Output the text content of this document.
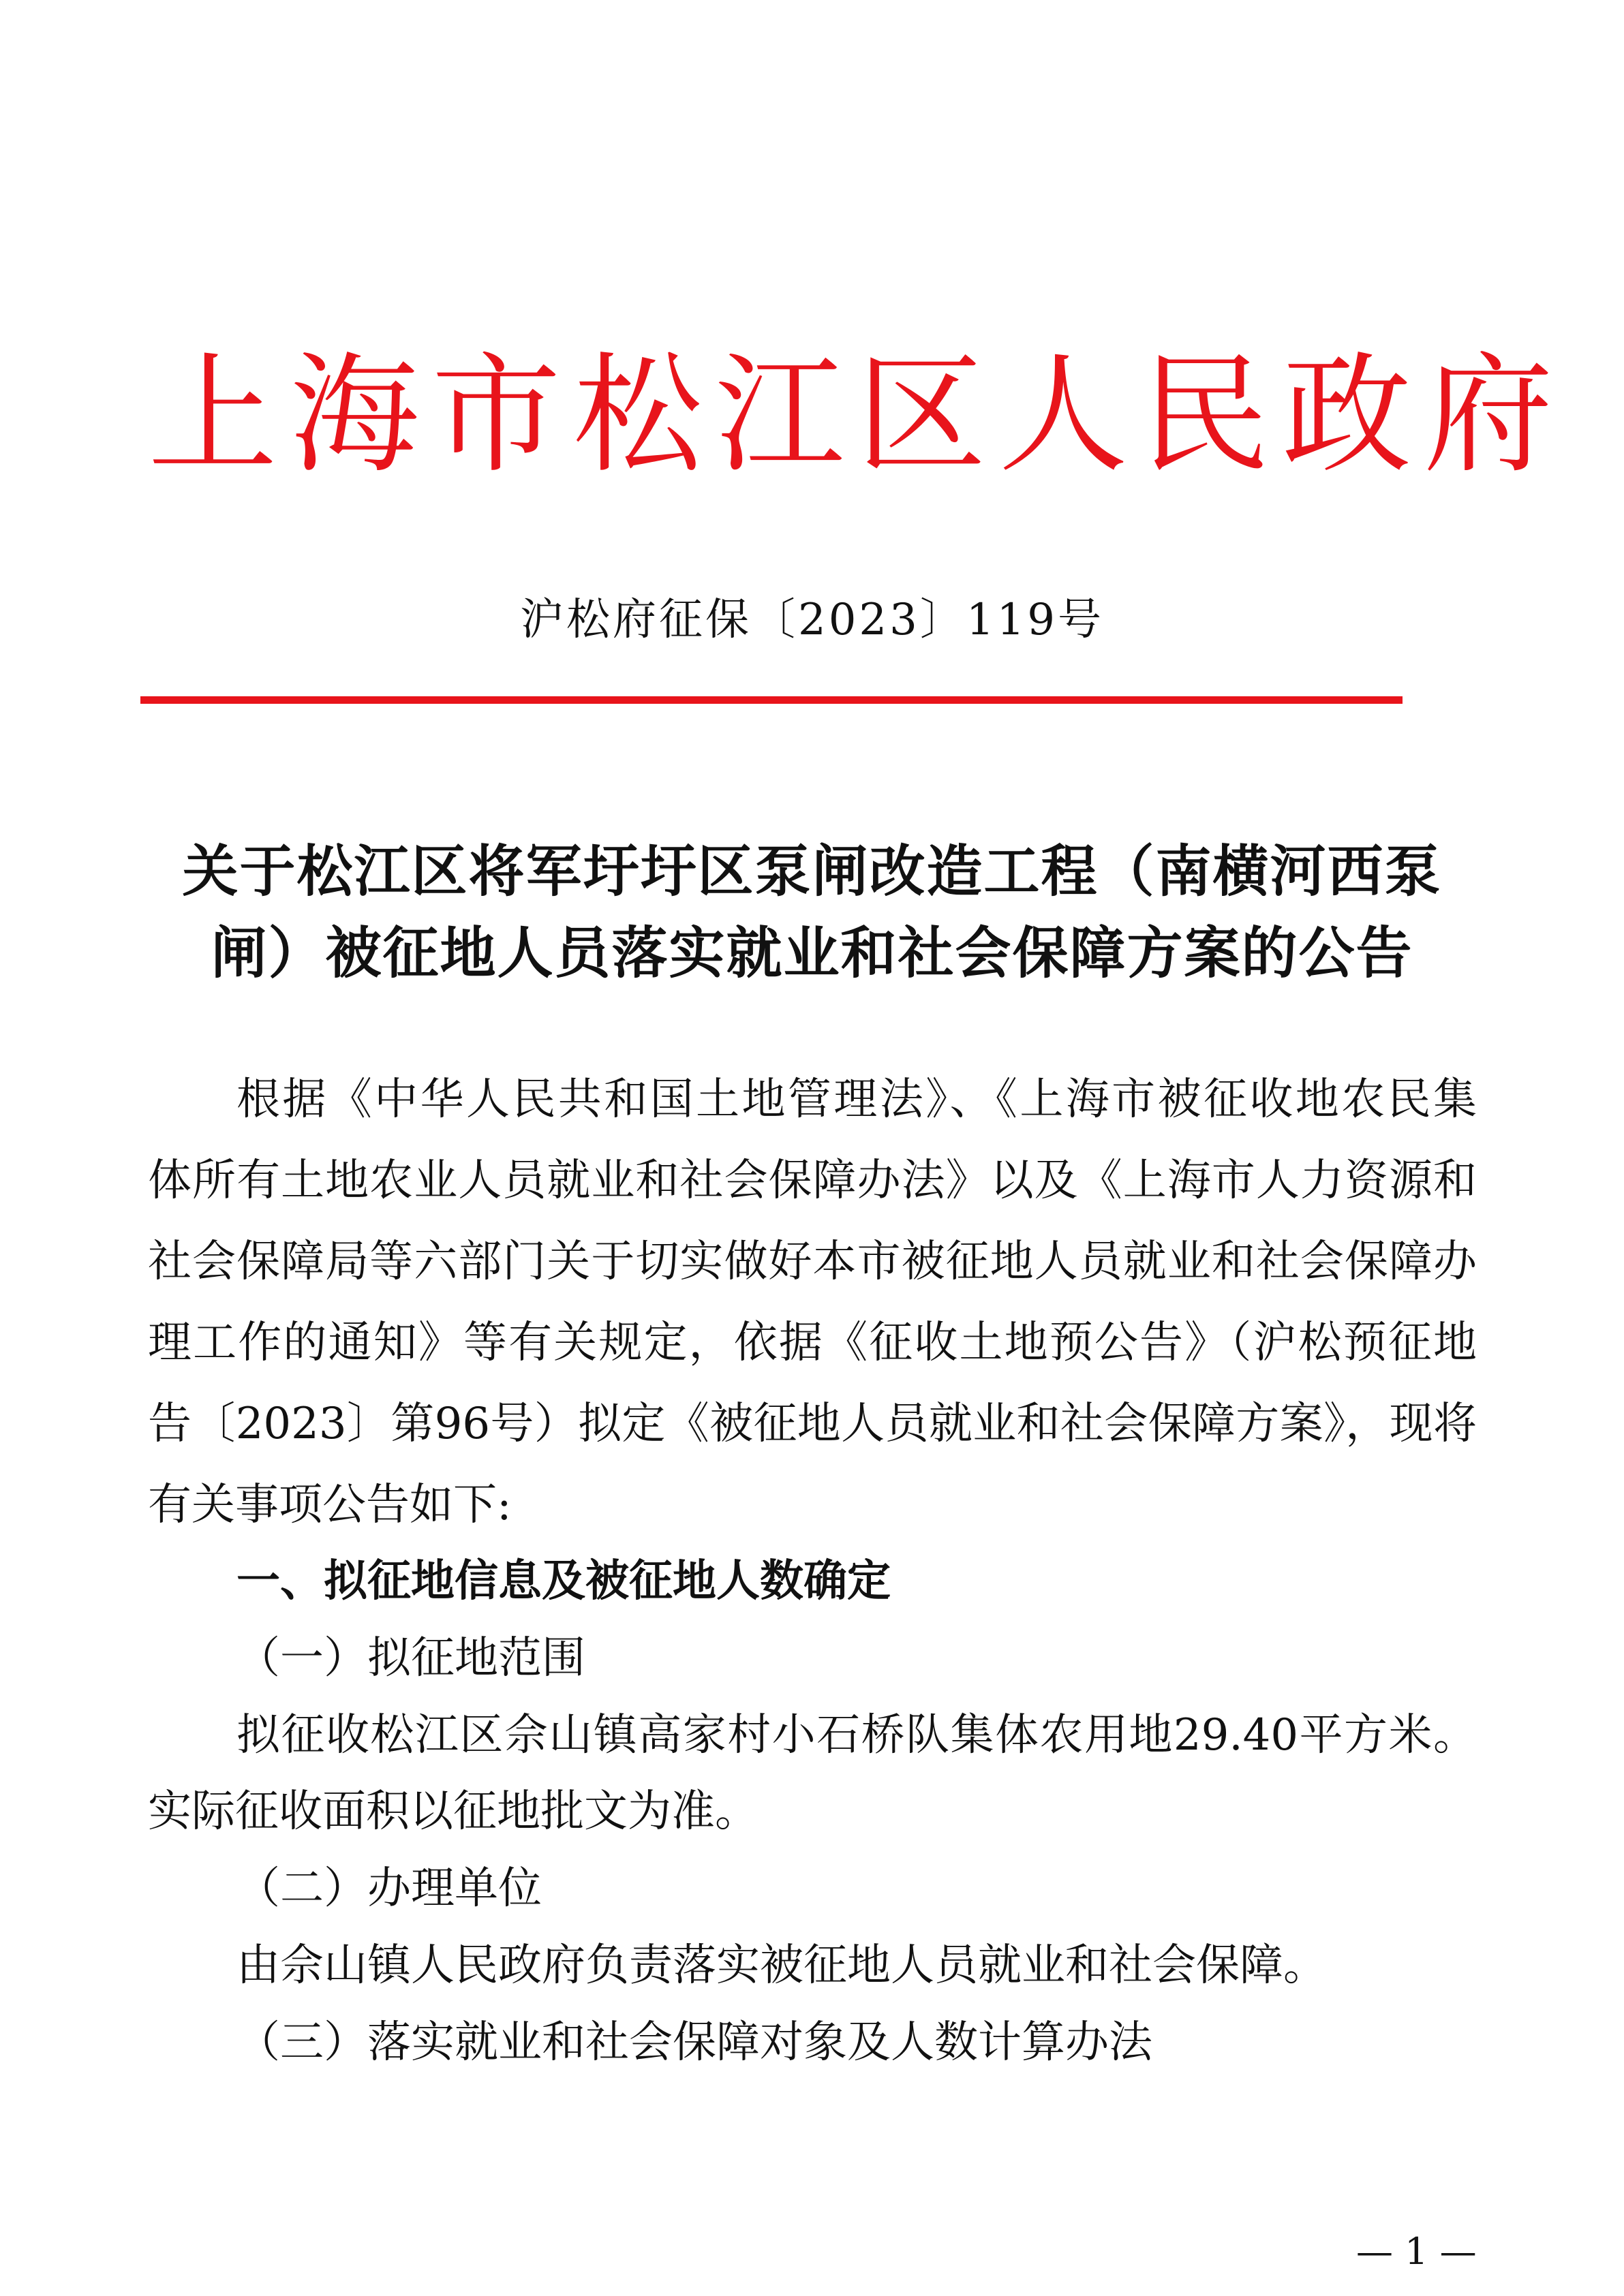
上海市松江区人民政府
沪松府征保〔2023〕119号
关于松江区将军圩圩区泵闸改造工程（南横河西泵
闸）被征地人员落实就业和社会保障方案的公告
根据《中华人民共和国土地管理法》、《上海市被征收地农民集
体所有土地农业人员就业和社会保障办法》以及《上海市人力资源和
社会保障局等六部门关于切实做好本市被征地人员就业和社会保障办
理工作的通知》等有关规定，依据《征收土地预公告》（沪松预征地
告〔2023〕第96号）拟定《被征地人员就业和社会保障方案》，现将
有关事项公告如下:
一、拟征地信息及被征地人数确定
（一）拟征地范围
拟征收松江区佘山镇高家村小石桥队集体农用地29.40平方米。
实际征收面积以征地批文为准。
（二）办理单位
由佘山镇人民政府负责落实被征地人员就业和社会保障。
（三）落实就业和社会保障对象及人数计算办法
— 1 —
